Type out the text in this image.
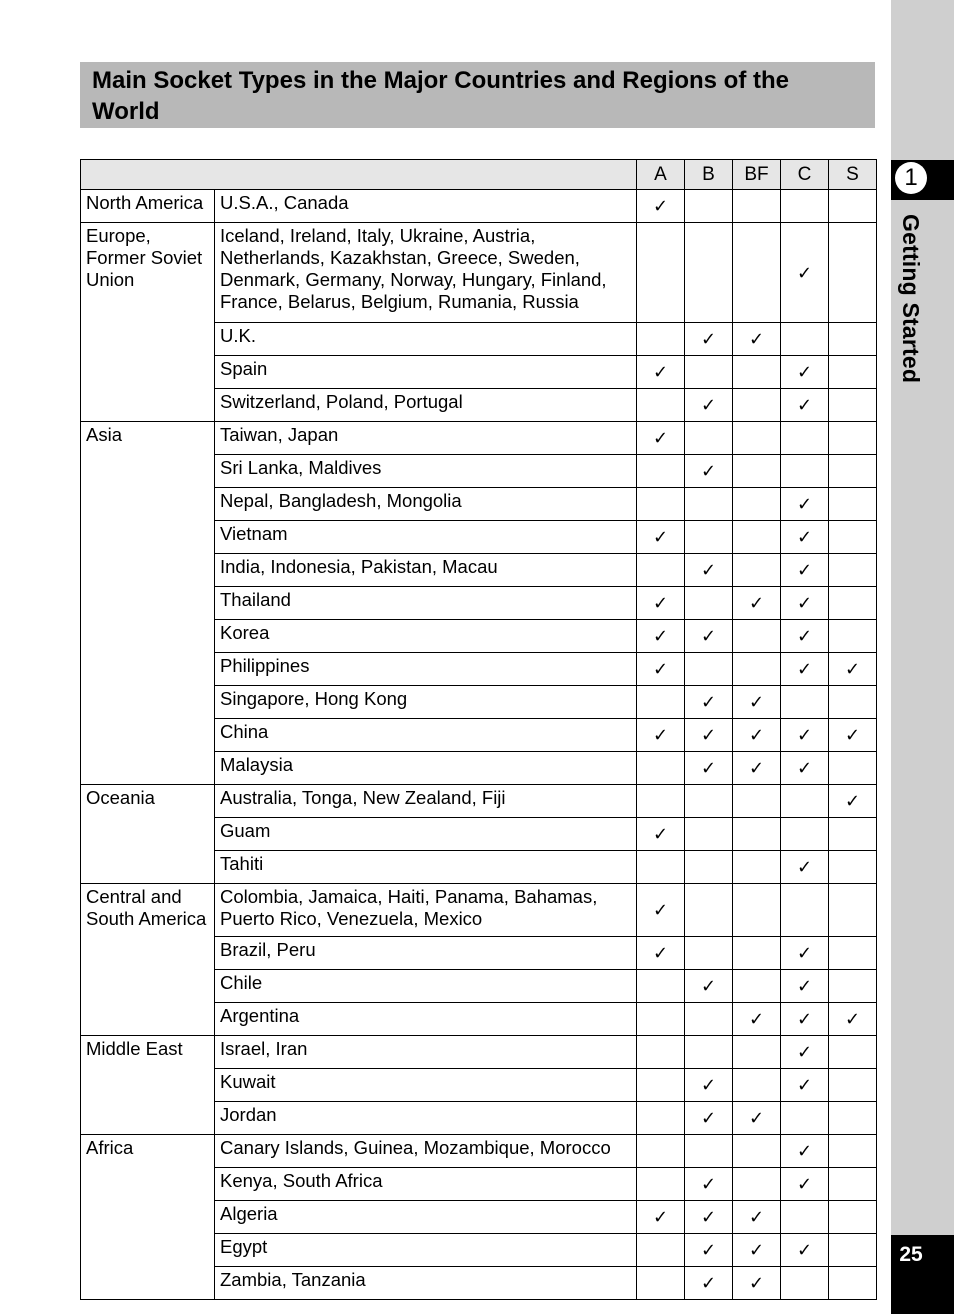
Main Socket Types in the Major Countries and Regions of the World
		A	B	BF	C	S
North America	U.S.A., Canada	✓				
Europe, Former Soviet Union	Iceland, Ireland, Italy, Ukraine, Austria, Netherlands, Kazakhstan, Greece, Sweden, Denmark, Germany, Norway, Hungary, Finland, France, Belarus, Belgium, Rumania, Russia				✓	
	U.K.		✓	✓		
	Spain	✓			✓	
	Switzerland, Poland, Portugal		✓		✓	
Asia	Taiwan, Japan	✓				
	Sri Lanka, Maldives		✓			
	Nepal, Bangladesh, Mongolia				✓	
	Vietnam	✓			✓	
	India, Indonesia, Pakistan, Macau		✓		✓	
	Thailand	✓		✓	✓	
	Korea	✓	✓		✓	
	Philippines	✓			✓	✓
	Singapore, Hong Kong		✓	✓		
	China	✓	✓	✓	✓	✓
	Malaysia		✓	✓	✓	
Oceania	Australia, Tonga, New Zealand, Fiji					✓
	Guam	✓				
	Tahiti				✓	
Central and South America	Colombia, Jamaica, Haiti, Panama, Bahamas, Puerto Rico, Venezuela, Mexico	✓				
	Brazil, Peru	✓			✓	
	Chile		✓		✓	
	Argentina			✓	✓	✓
Middle East	Israel, Iran				✓	
	Kuwait		✓		✓	
	Jordan		✓	✓		
Africa	Canary Islands, Guinea, Mozambique, Morocco				✓	
	Kenya, South Africa		✓		✓	
	Algeria	✓	✓	✓		
	Egypt		✓	✓	✓	
	Zambia, Tanzania		✓	✓		
1
Getting Started
25
